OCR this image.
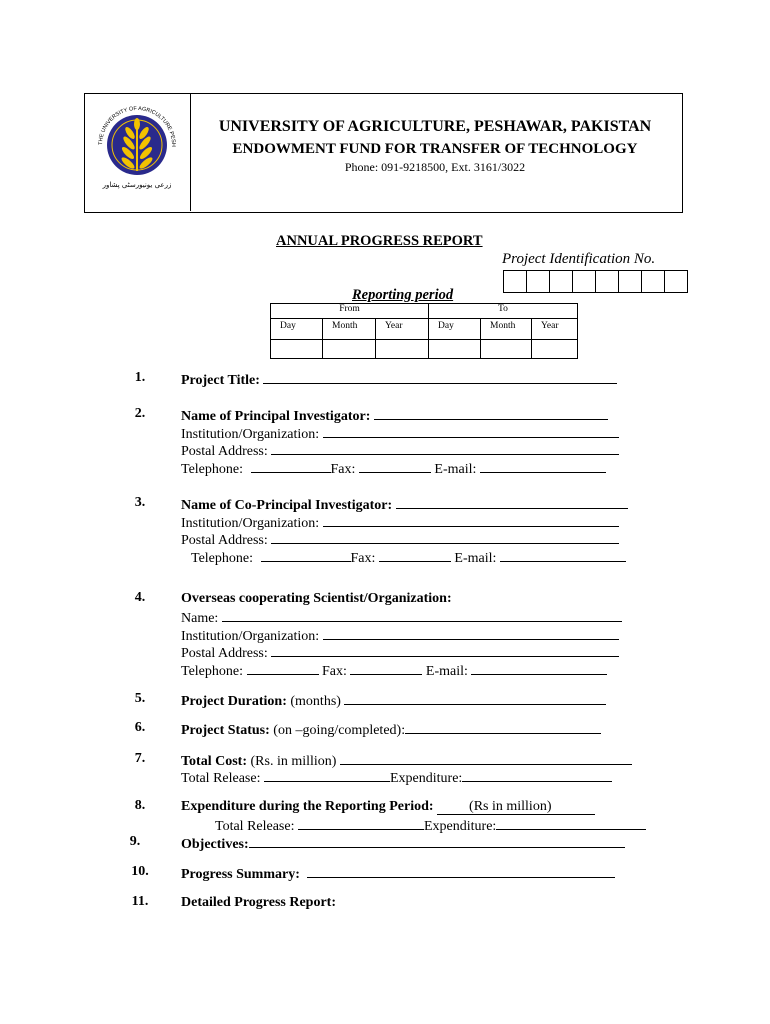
THE UNIVERSITY OF AGRICULTURE PESH
زرعی یونیورسٹی پشاور
UNIVERSITY OF AGRICULTURE, PESHAWAR, PAKISTAN
ENDOWMENT FUND FOR TRANSFER OF TECHNOLOGY
Phone: 091-9218500, Ext. 3161/3022
ANNUAL PROGRESS REPORT
Project Identification No.
Reporting period
From			To		
Day	Month	Year	Day	Month	Year

1.	Project Title:
2.	Name of Principal Investigator:
Institution/Organization:
Postal Address:
Telephone:	Fax:	E-mail:
3.	Name of Co-Principal Investigator:
Institution/Organization:
Postal Address:
Telephone:	Fax:	E-mail:
4.	Overseas cooperating Scientist/Organization:
Name:
Institution/Organization:
Postal Address:
Telephone:	Fax:	E-mail:
5.	Project Duration: (months)
6.	Project Status: (on –going/completed):
7.	Total Cost: (Rs. in million)
Total Release:	Expenditure:
8.	Expenditure during the Reporting Period:	(Rs in million)
Total Release:	Expenditure:
9.	Objectives:
10. Progress Summary:
11. Detailed Progress Report:
